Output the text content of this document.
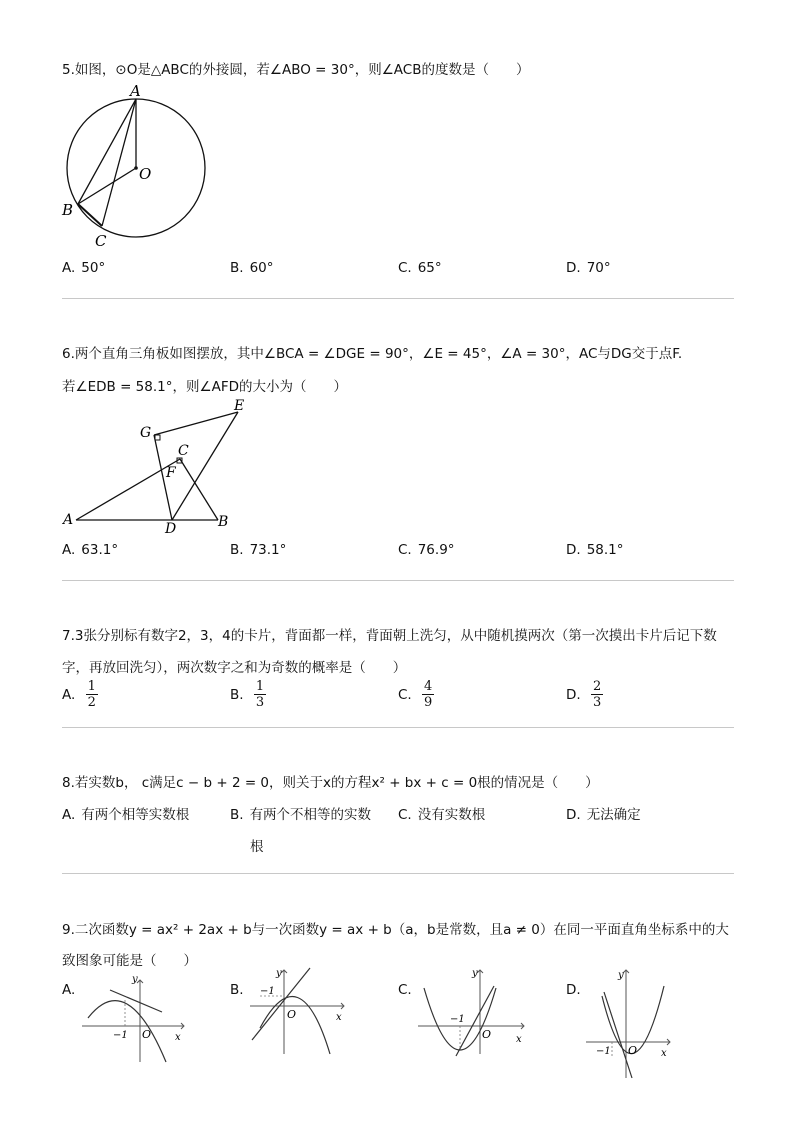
5.如图，⊙O是△ABC的外接圆，若∠ABO = 30°，则∠ACB的度数是（　　）
A
O
B
C
A. 50°	B. 60°	C. 65°	D. 70°
6.两个直角三角板如图摆放，其中∠BCA = ∠DGE = 90°，∠E = 45°，∠A = 30°，AC与DG交于点F.
若∠EDB = 58.1°，则∠AFD的大小为（　　）
E
G
C
F
A
D	B
A. 63.1°	B. 73.1°	C. 76.9°	D. 58.1°
7.3张分别标有数字2，3，4的卡片，背面都一样，背面朝上洗匀，从中随机摸两次（第一次摸出卡片后记下数
字，再放回洗匀），两次数字之和为奇数的概率是（　　）
A. $\frac{1}{2}$	B. $\frac{1}{3}$	C. $\frac{4}{9}$	D. $\frac{2}{3}$
8.若实数b， c满足c − b + 2 = 0，则关于x的方程x² + bx + c = 0根的情况是（　　）
A. 有两个相等实数根	B. 有两个不相等的实数
根
C. 没有实数根	D. 无法确定
9.二次函数y = ax² + 2ax + b与一次函数y = ax + b（a，b是常数，且a ≠ 0）在同一平面直角坐标系中的大
致图象可能是（　　）
A.
y
x
O
−1
B.
y
x
O
−1	C.
y
x
O
−1
D.
y
x
O
−1
